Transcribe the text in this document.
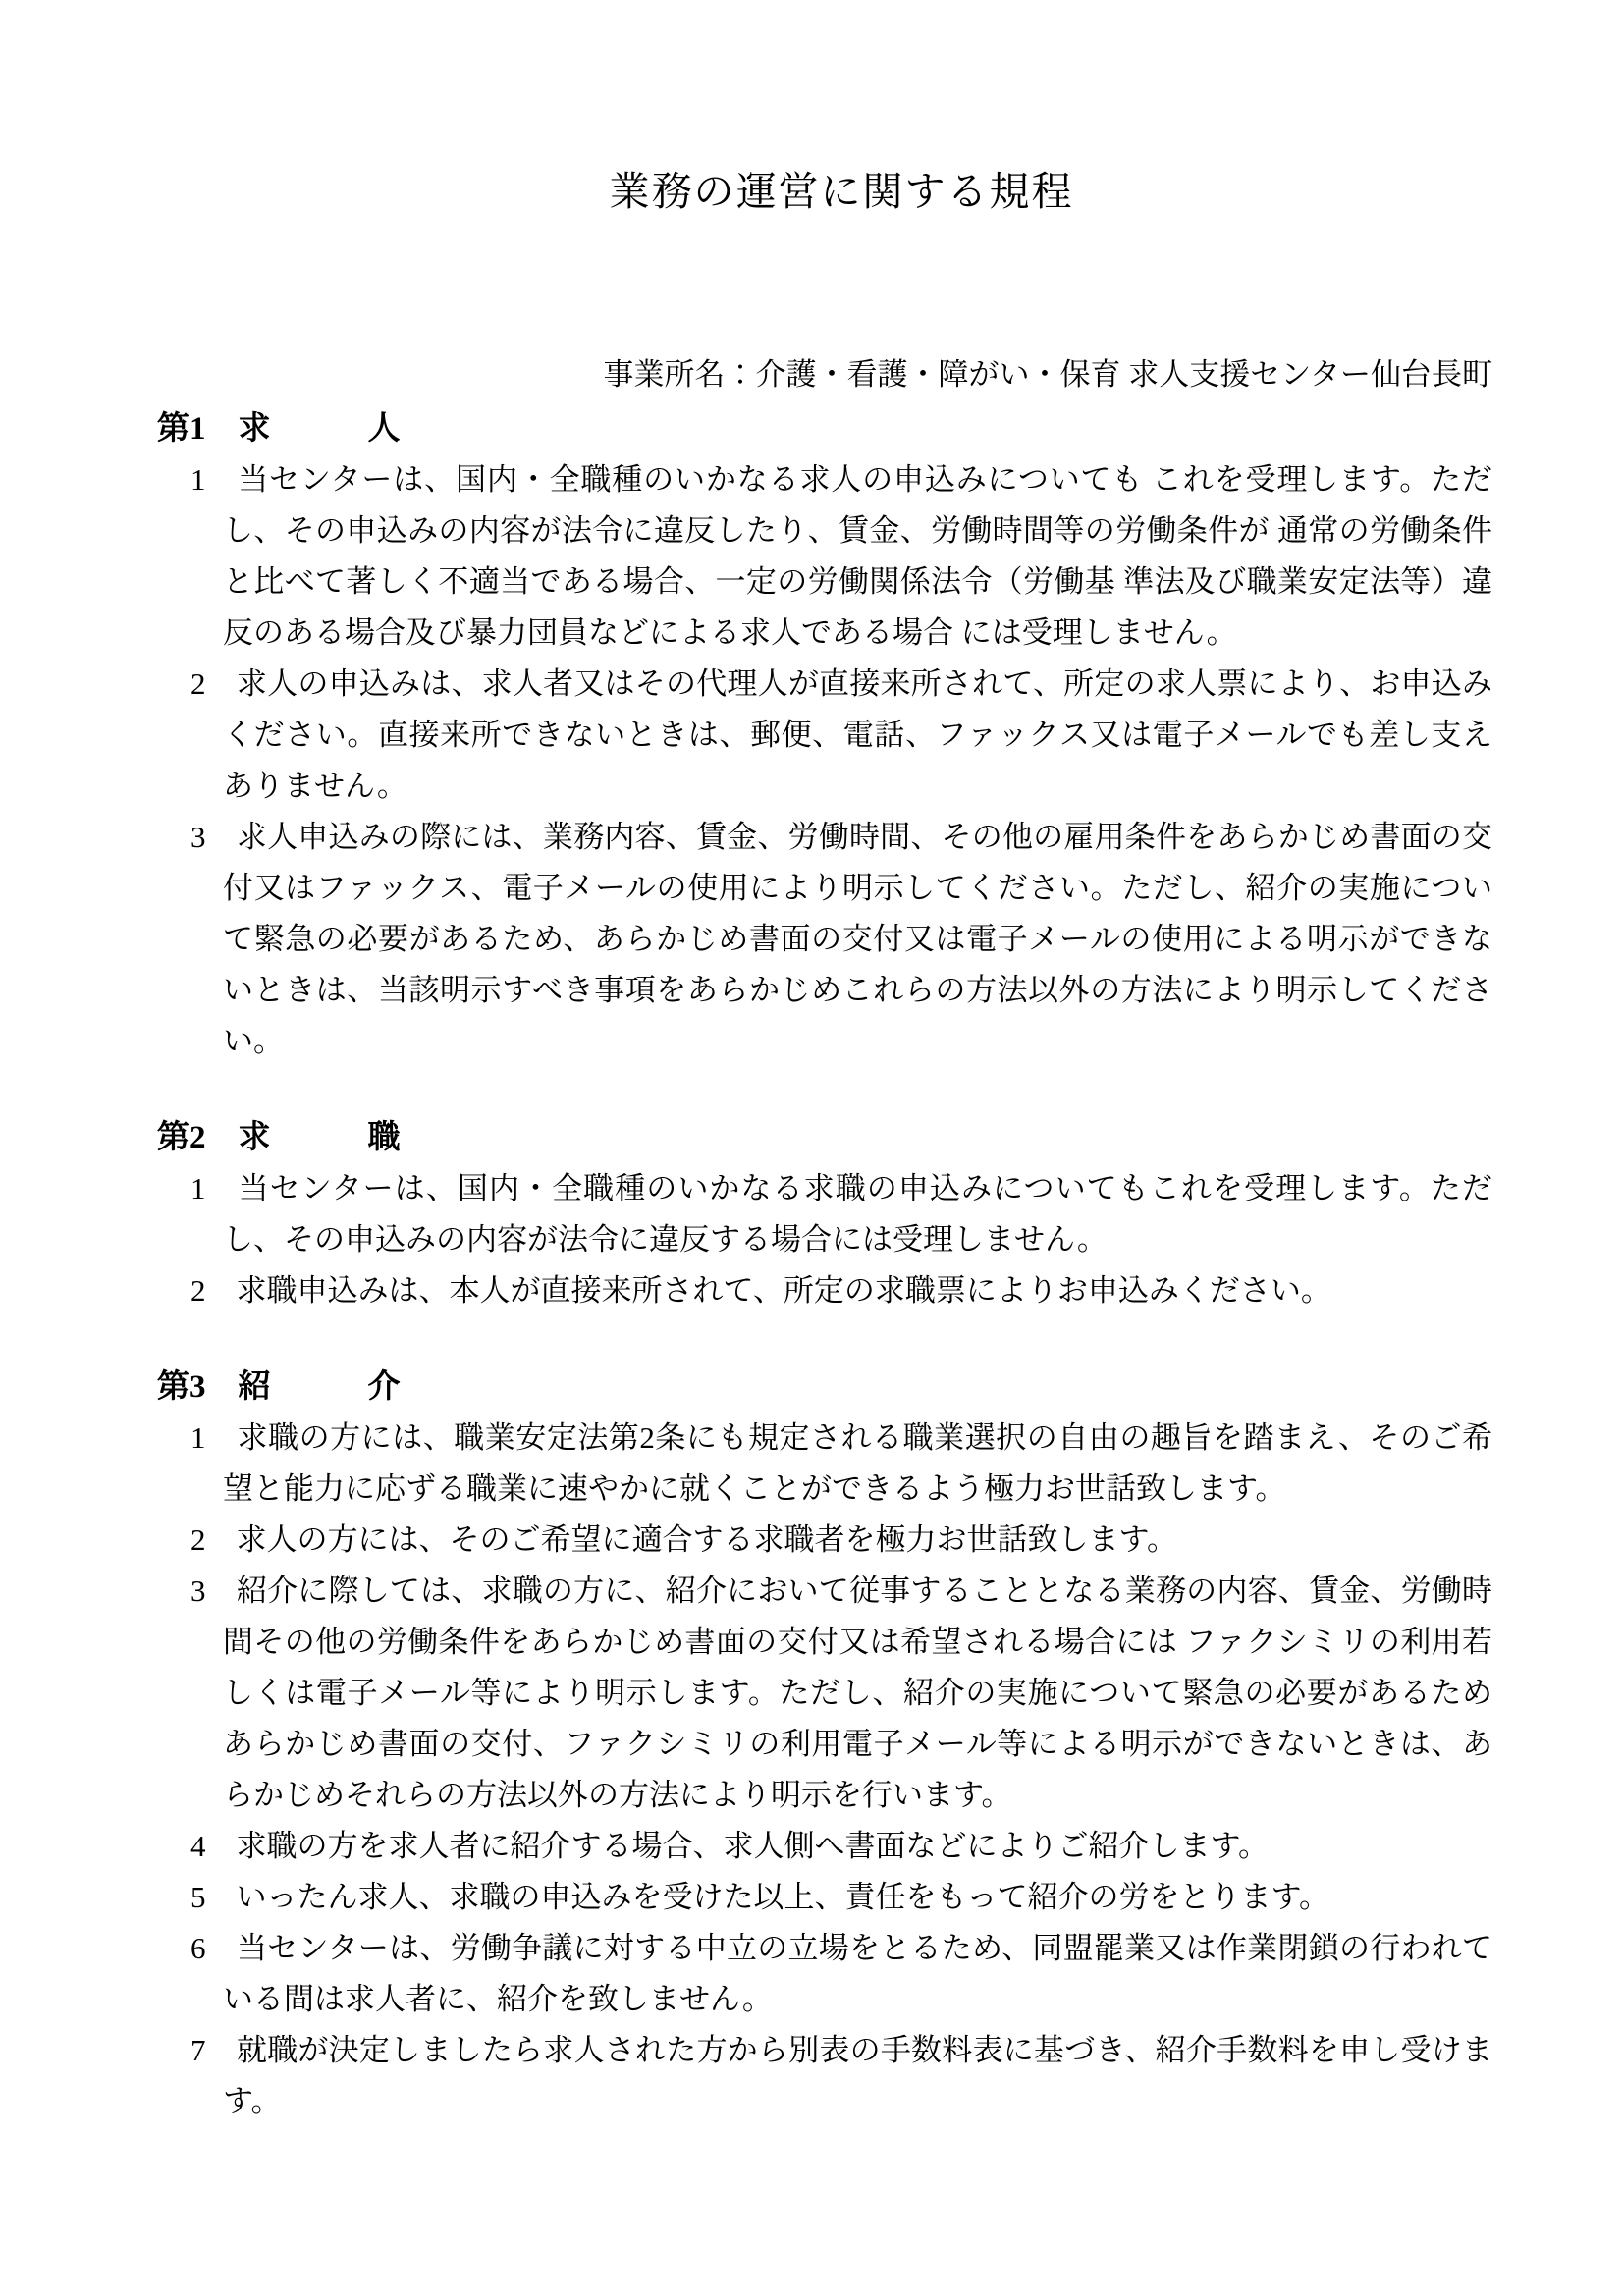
業務の運営に関する規程

事業所名：介護・看護・障がい・保育 求人支援センター仙台長町

第1　求　　　人

1　当センターは、国内・全職種のいかなる求人の申込みについても これを受理します。ただし、その申込みの内容が法令に違反したり、賃金、労働時間等の労働条件が 通常の労働条件と比べて著しく不適当である場合、一定の労働関係法令（労働基 準法及び職業安定法等）違反のある場合及び暴力団員などによる求人である場合 には受理しません。

2　求人の申込みは、求人者又はその代理人が直接来所されて、所定の求人票により、お申込みください。直接来所できないときは、郵便、電話、ファックス又は電子メールでも差し支えありません。

3　求人申込みの際には、業務内容、賃金、労働時間、その他の雇用条件をあらかじめ書面の交付又はファックス、電子メールの使用により明示してください。ただし、紹介の実施について緊急の必要があるため、あらかじめ書面の交付又は電子メールの使用による明示ができないときは、当該明示すべき事項をあらかじめこれらの方法以外の方法により明示してください。

第2　求　　　職

1　当センターは、国内・全職種のいかなる求職の申込みについてもこれを受理します。ただし、その申込みの内容が法令に違反する場合には受理しません。

2　求職申込みは、本人が直接来所されて、所定の求職票によりお申込みください。

第3　紹　　　介

1　求職の方には、職業安定法第2条にも規定される職業選択の自由の趣旨を踏まえ、そのご希望と能力に応ずる職業に速やかに就くことができるよう極力お世話致します。

2　求人の方には、そのご希望に適合する求職者を極力お世話致します。

3　紹介に際しては、求職の方に、紹介において従事することとなる業務の内容、賃金、労働時間その他の労働条件をあらかじめ書面の交付又は希望される場合には ファクシミリの利用若しくは電子メール等により明示します。ただし、紹介の実施について緊急の必要があるためあらかじめ書面の交付、ファクシミリの利用電子メール等による明示ができないときは、あらかじめそれらの方法以外の方法により明示を行います。

4　求職の方を求人者に紹介する場合、求人側へ書面などによりご紹介します。

5　いったん求人、求職の申込みを受けた以上、責任をもって紹介の労をとります。

6　当センターは、労働争議に対する中立の立場をとるため、同盟罷業又は作業閉鎖の行われている間は求人者に、紹介を致しません。

7　就職が決定しましたら求人された方から別表の手数料表に基づき、紹介手数料を申し受けます。
